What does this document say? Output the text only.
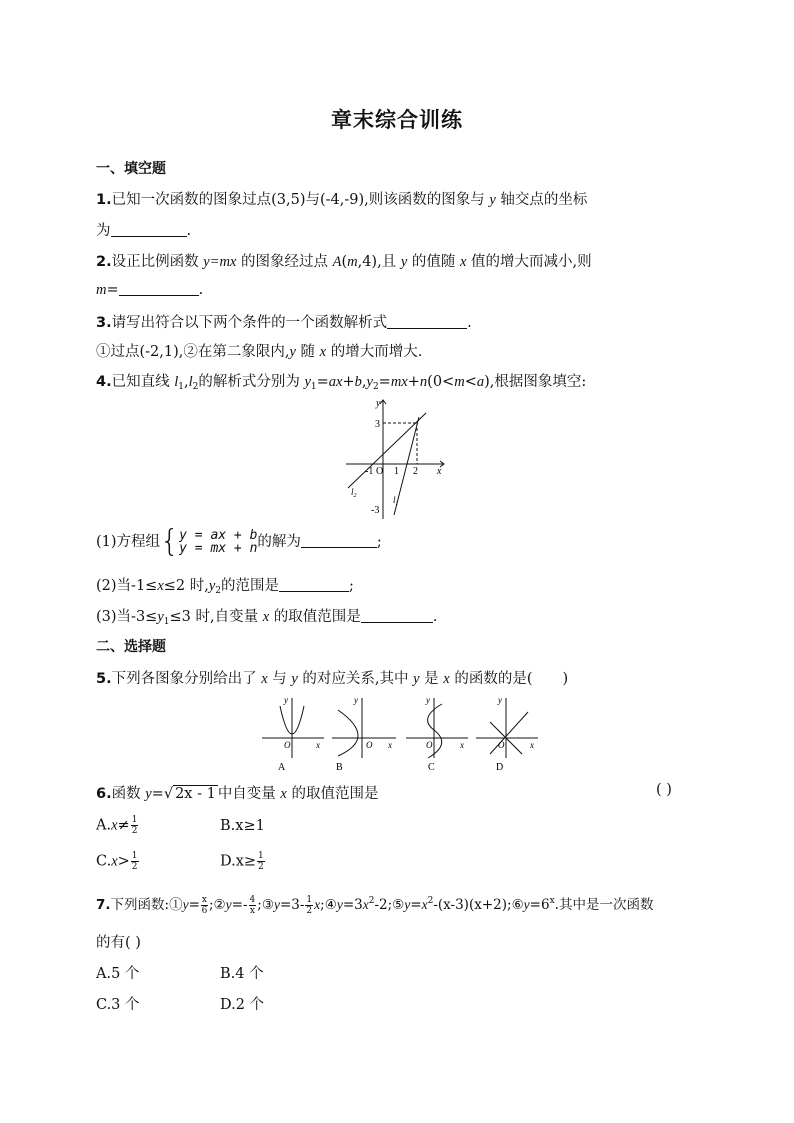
章末综合训练
一、填空题
1.已知一次函数的图象过点(3,5)与(-4,-9),则该函数的图象与 y 轴交点的坐标
为	.
2.设正比例函数 y=mx 的图象经过点 A(m,4),且 y 的值随 x 值的增大而减小,则
m=	.
3.请写出符合以下两个条件的一个函数解析式	.
①过点(-2,1),②在第二象限内,y 随 x 的增大而增大.
4.已知直线 $l_1,l_2$的解析式分别为 $y_1=ax+b,y_2=mx+n(0<m<a)$,根据图象填空:
y
x
3
-1 O 1 2
-3
$l_2$	$l_1$
(1)方程组{ y = ax + b
y = mx + n 的解为	;
(2)当-1≤x≤2 时$,y_2$的范围是	;
(3)当$-3\le y_1\le 3$ 时,自变量 x 的取值范围是	.
二、选择题
5.下列各图象分别给出了 x 与 y 的对应关系,其中 y 是 x 的函数的是( )
y
x
O
y
x
O
y
x
O
y
x
O
A	B	C	D
6.函数 y=√ 2x - 1 中自变量 x 的取值范围是	( )
$A.x\ne \frac{1}{2}$	B.x≥1
$C.x> \frac{1}{2}$	$D.x\ge \frac{1}{2}$
7.下列函数:①y= $\frac{x}{6}$ ;②y=- $\frac{4}{x}$ ;③y=3- $\frac{1}{2}$ $x;④y=3x^2-2;⑤y=x^2-(x-3)(x+2);⑥y=6^x$.其中是一次函数
的有( )
A.5 个	B.4 个
C.3 个	D.2 个
